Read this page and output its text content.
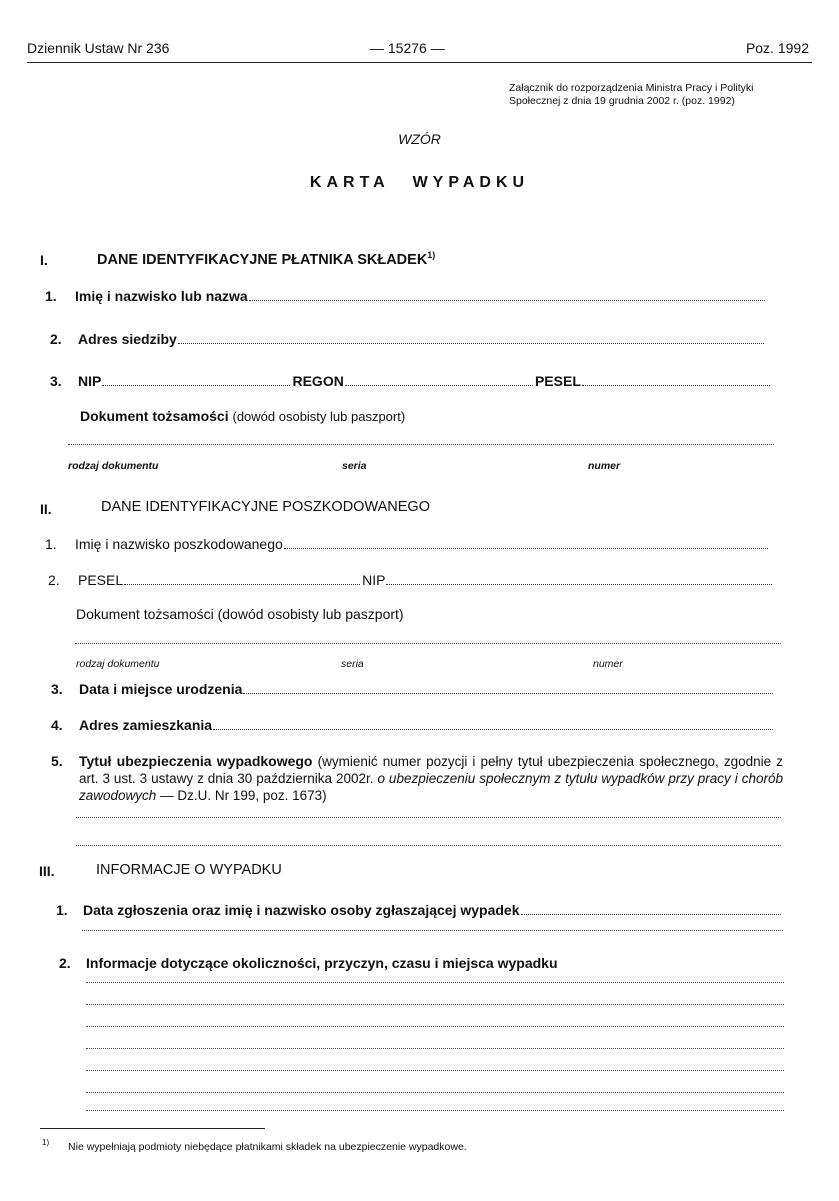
Dziennik Ustaw Nr 236	— 15276 —	Poz. 1992
Załącznik do rozporządzenia Ministra Pracy i Polityki
Społecznej z dnia 19 grudnia 2002 r. (poz. 1992)
WZÓR
KARTA WYPADKU
I.	DANE IDENTYFIKACYJNE PŁATNIKA SKŁADEK$^{1)}$
1.	Imię i nazwisko lub nazwa
2.	Adres siedziby
3.	NIP	REGON	PESEL
Dokument tożsamości (dowód osobisty lub paszport)
rodzaj dokumentu	seria	numer
II.	DANE IDENTYFIKACYJNE POSZKODOWANEGO
1.	Imię i nazwisko poszkodowanego
2.	PESEL	NIP
Dokument tożsamości (dowód osobisty lub paszport)
rodzaj dokumentu	seria	numer
3.	Data i miejsce urodzenia
4.	Adres zamieszkania
5.	Tytuł ubezpieczenia wypadkowego (wymienić numer pozycji i pełny tytuł ubezpieczenia społecznego, zgodnie z art. 3 ust. 3 ustawy z dnia 30 października 2002r. o ubezpieczeniu społecznym z tytułu wypadków przy pracy i chorób zawodowych — Dz.U. Nr 199, poz. 1673)
III.	INFORMACJE O WYPADKU
1.	Data zgłoszenia oraz imię i nazwisko osoby zgłaszającej wypadek
2.	Informacje dotyczące okoliczności, przyczyn, czasu i miejsca wypadku
$^{1)}$ Nie wypełniają podmioty niebędące płatnikami składek na ubezpieczenie wypadkowe.
